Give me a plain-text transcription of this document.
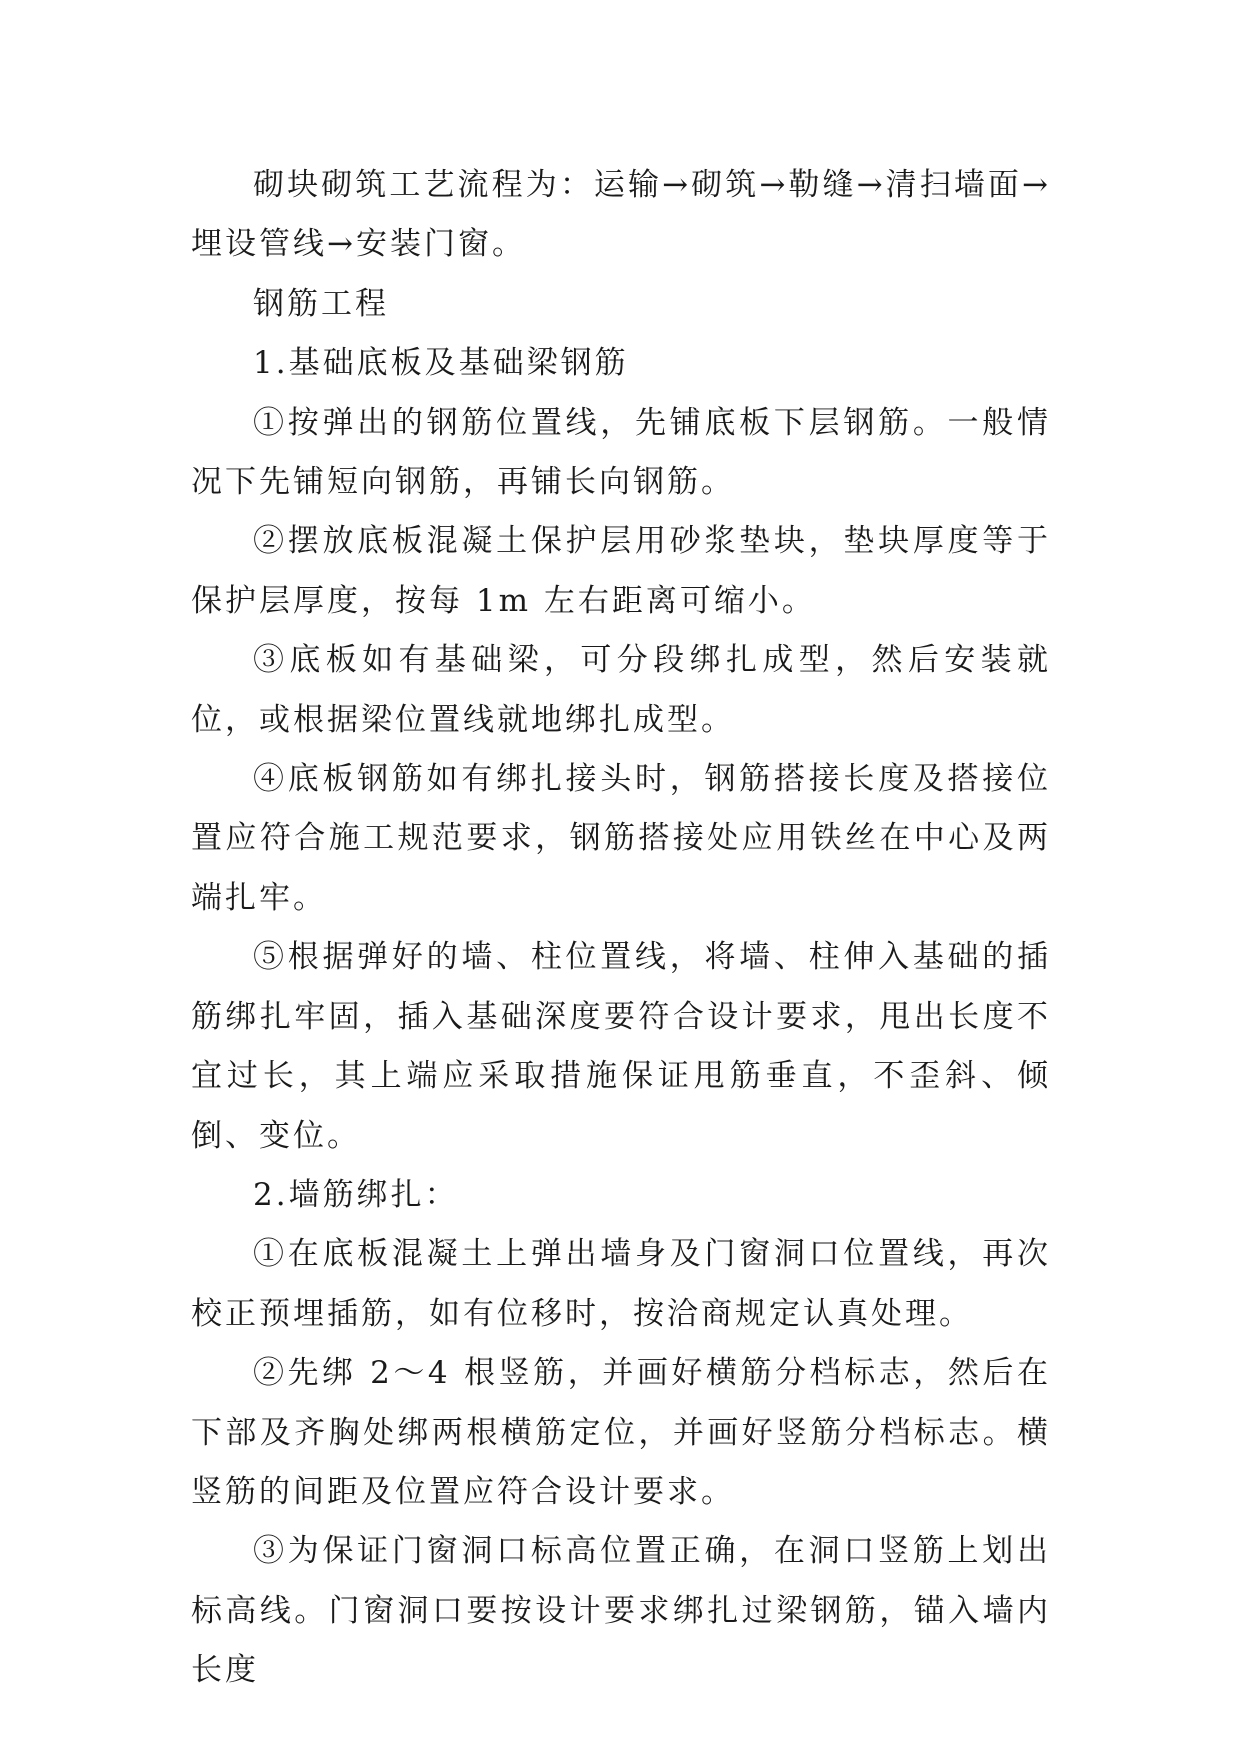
砌块砌筑工艺流程为：运输→砌筑→勒缝→清扫墙面→埋设管线→安装门窗。

钢筋工程

1.基础底板及基础梁钢筋

①按弹出的钢筋位置线，先铺底板下层钢筋。一般情况下先铺短向钢筋，再铺长向钢筋。

②摆放底板混凝土保护层用砂浆垫块，垫块厚度等于保护层厚度，按每 1m 左右距离可缩小。

③底板如有基础梁，可分段绑扎成型，然后安装就位，或根据梁位置线就地绑扎成型。

④底板钢筋如有绑扎接头时，钢筋搭接长度及搭接位置应符合施工规范要求，钢筋搭接处应用铁丝在中心及两端扎牢。

⑤根据弹好的墙、柱位置线，将墙、柱伸入基础的插筋绑扎牢固，插入基础深度要符合设计要求，甩出长度不宜过长，其上端应采取措施保证甩筋垂直，不歪斜、倾倒、变位。

2.墙筋绑扎：

①在底板混凝土上弹出墙身及门窗洞口位置线，再次校正预埋插筋，如有位移时，按洽商规定认真处理。

②先绑 2～4 根竖筋，并画好横筋分档标志，然后在下部及齐胸处绑两根横筋定位，并画好竖筋分档标志。横竖筋的间距及位置应符合设计要求。

③为保证门窗洞口标高位置正确，在洞口竖筋上划出标高线。门窗洞口要按设计要求绑扎过梁钢筋，锚入墙内长度
